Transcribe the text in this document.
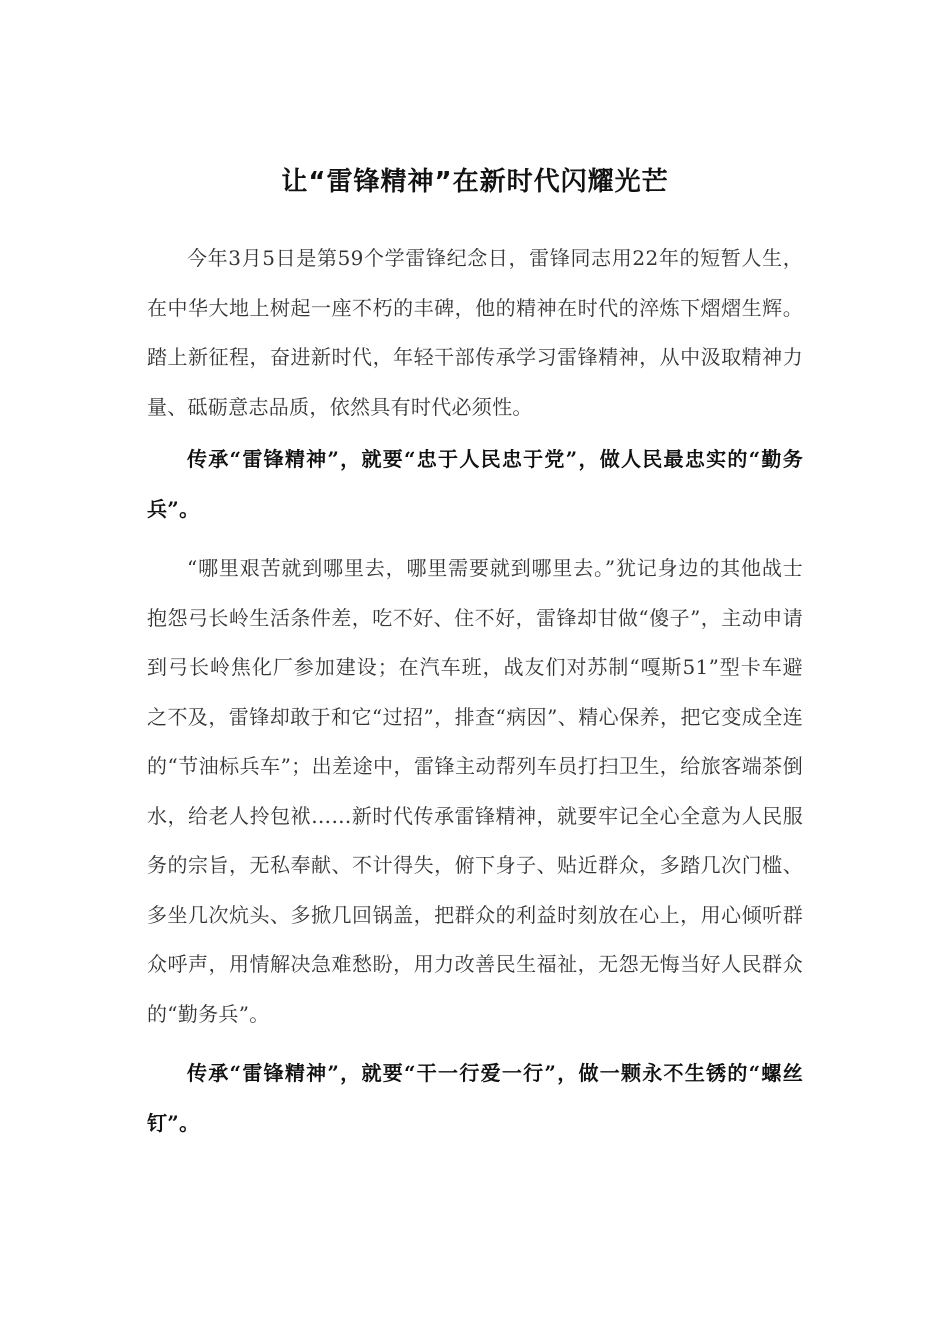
让“雷锋精神”在新时代闪耀光芒

今年3月5日是第59个学雷锋纪念日，雷锋同志用22年的短暂人生，在中华大地上树起一座不朽的丰碑，他的精神在时代的淬炼下熠熠生辉。踏上新征程，奋进新时代，年轻干部传承学习雷锋精神，从中汲取精神力量、砥砺意志品质，依然具有时代必须性。

传承“雷锋精神”，就要“忠于人民忠于党”，做人民最忠实的“勤务兵”。

“哪里艰苦就到哪里去，哪里需要就到哪里去。”犹记身边的其他战士抱怨弓长岭生活条件差，吃不好、住不好，雷锋却甘做“傻子”，主动申请到弓长岭焦化厂参加建设；在汽车班，战友们对苏制“嘎斯51”型卡车避之不及，雷锋却敢于和它“过招”，排查“病因”、精心保养，把它变成全连的“节油标兵车”；出差途中，雷锋主动帮列车员打扫卫生，给旅客端茶倒水，给老人拎包袱……新时代传承雷锋精神，就要牢记全心全意为人民服务的宗旨，无私奉献、不计得失，俯下身子、贴近群众，多踏几次门槛、多坐几次炕头、多掀几回锅盖，把群众的利益时刻放在心上，用心倾听群众呼声，用情解决急难愁盼，用力改善民生福祉，无怨无悔当好人民群众的“勤务兵”。

传承“雷锋精神”，就要“干一行爱一行”，做一颗永不生锈的“螺丝钉”。
